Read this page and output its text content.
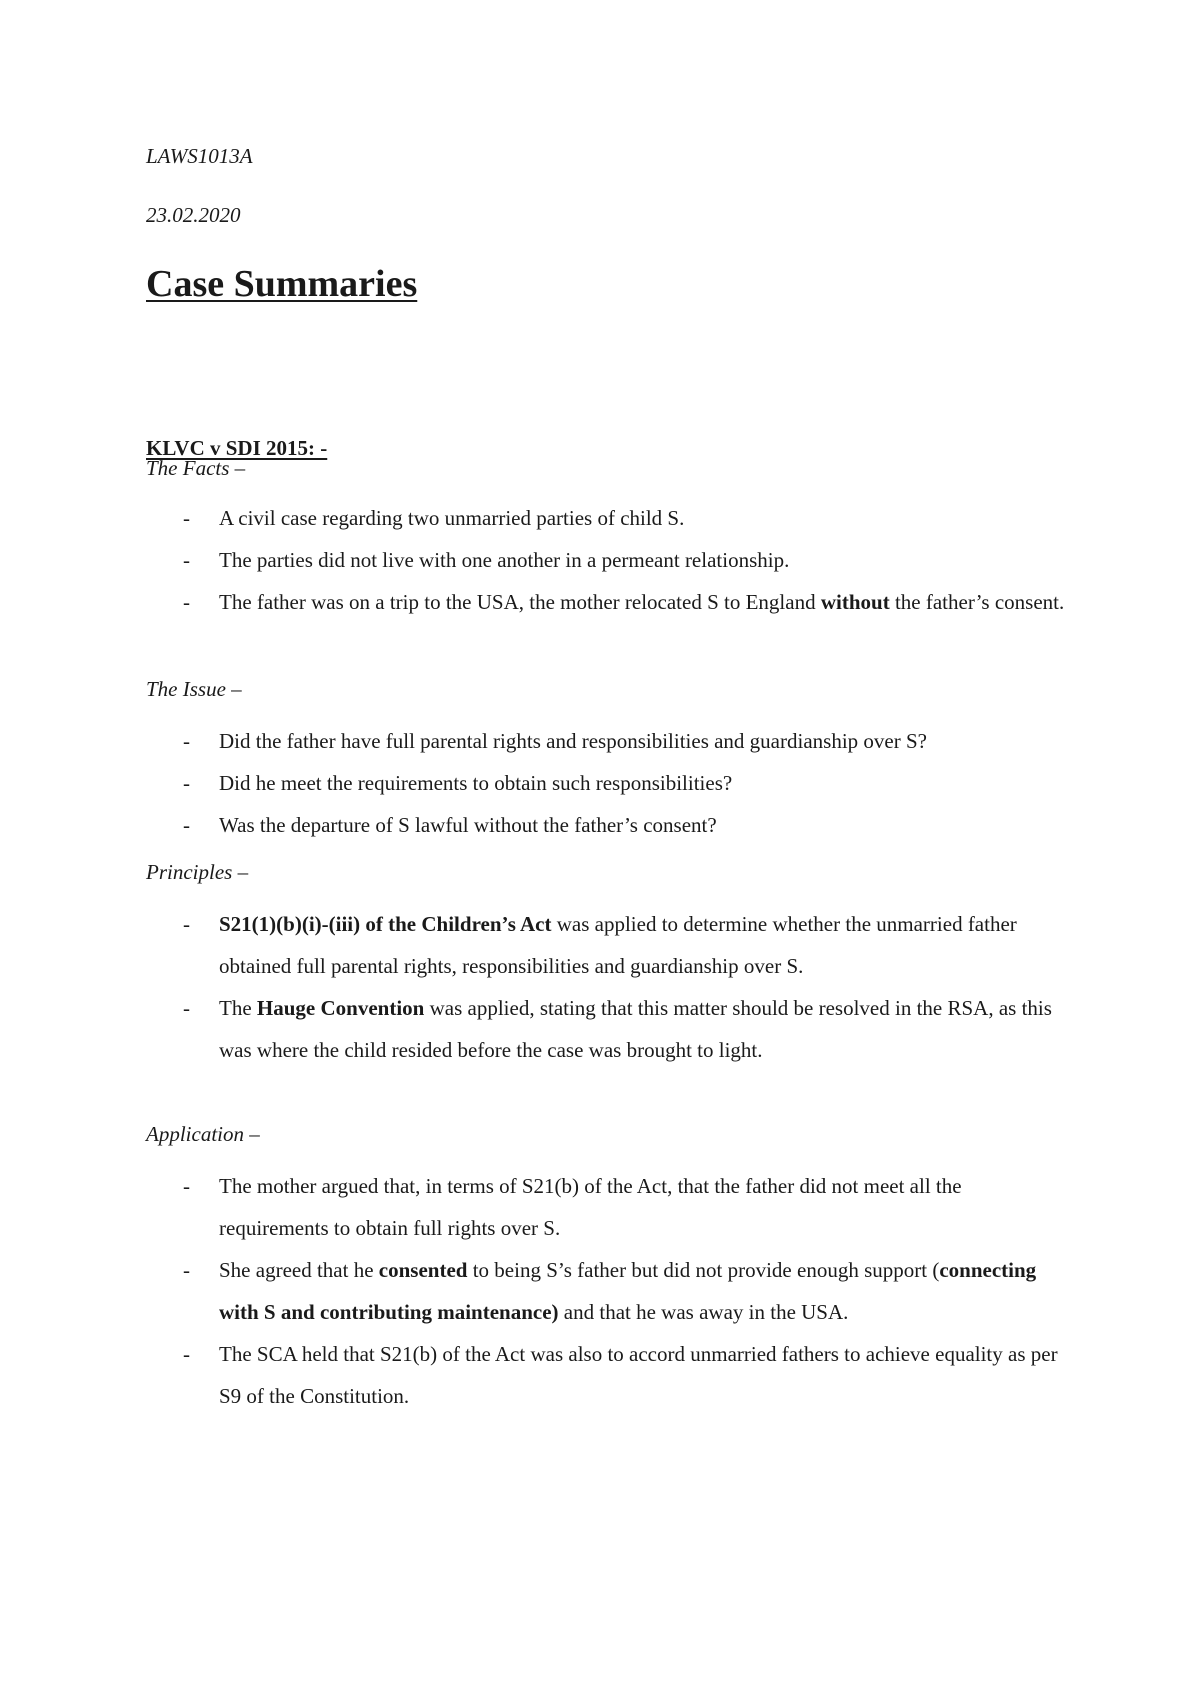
LAWS1013A
23.02.2020
Case Summaries
KLVC v SDI 2015: -
The Facts –
- A civil case regarding two unmarried parties of child S.
- The parties did not live with one another in a permeant relationship.
- The father was on a trip to the USA, the mother relocated S to England without the father’s consent.
The Issue –
- Did the father have full parental rights and responsibilities and guardianship over S?
- Did he meet the requirements to obtain such responsibilities?
- Was the departure of S lawful without the father’s consent?
Principles –
- S21(1)(b)(i)-(iii) of the Children’s Act was applied to determine whether the unmarried father obtained full parental rights, responsibilities and guardianship over S.
- The Hauge Convention was applied, stating that this matter should be resolved in the RSA, as this was where the child resided before the case was brought to light.
Application –
- The mother argued that, in terms of S21(b) of the Act, that the father did not meet all the requirements to obtain full rights over S.
- She agreed that he consented to being S’s father but did not provide enough support (connecting with S and contributing maintenance) and that he was away in the USA.
- The SCA held that S21(b) of the Act was also to accord unmarried fathers to achieve equality as per S9 of the Constitution.
